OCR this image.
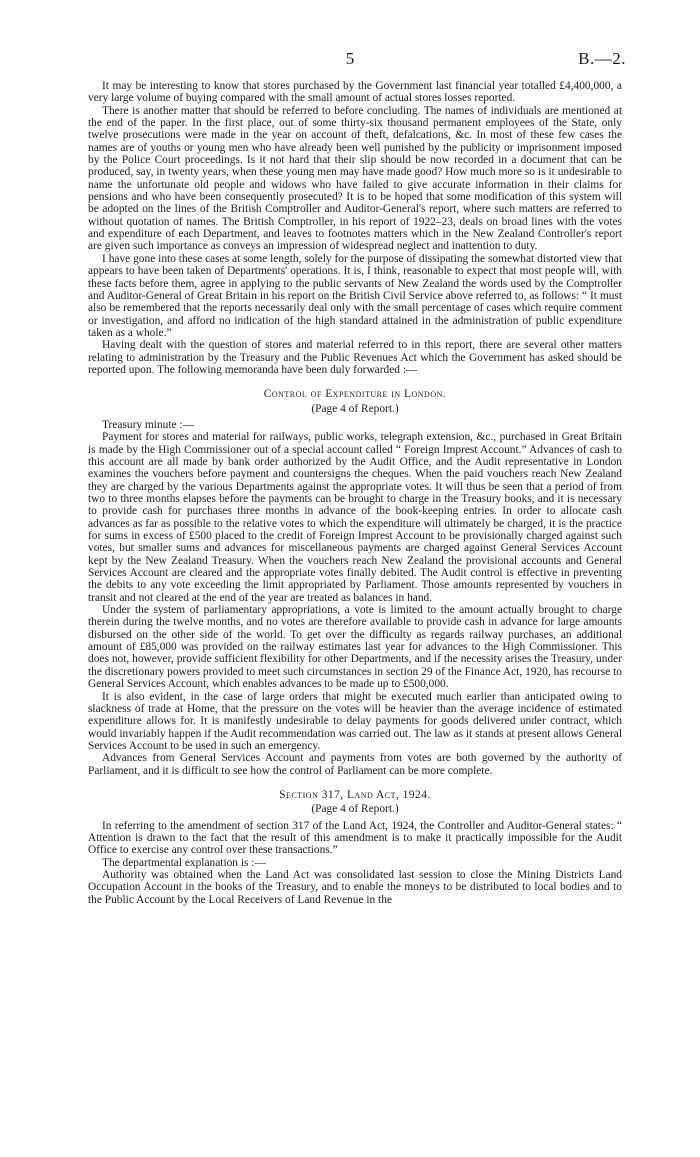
5	B.—2.

It may be interesting to know that stores purchased by the Government last financial year totalled £4,400,000, a very large volume of buying compared with the small amount of actual stores losses reported.

There is another matter that should be referred to before concluding. The names of individuals are mentioned at the end of the paper. In the first place, out of some thirty-six thousand permanent employees of the State, only twelve prosecutions were made in the year on account of theft, defalcations, &c. In most of these few cases the names are of youths or young men who have already been well punished by the publicity or imprisonment imposed by the Police Court proceedings. Is it not hard that their slip should be now recorded in a document that can be produced, say, in twenty years, when these young men may have made good? How much more so is it undesirable to name the unfortunate old people and widows who have failed to give accurate information in their claims for pensions and who have been consequently prosecuted? It is to be hoped that some modification of this system will be adopted on the lines of the British Comptroller and Auditor-General's report, where such matters are referred to without quotation of names. The British Comptroller, in his report of 1922–23, deals on broad lines with the votes and expenditure of each Department, and leaves to footnotes matters which in the New Zealand Controller's report are given such importance as conveys an impression of widespread neglect and inattention to duty.

I have gone into these cases at some length, solely for the purpose of dissipating the somewhat distorted view that appears to have been taken of Departments' operations. It is, I think, reasonable to expect that most people will, with these facts before them, agree in applying to the public servants of New Zealand the words used by the Comptroller and Auditor-General of Great Britain in his report on the British Civil Service above referred to, as follows: “ It must also be remembered that the reports necessarily deal only with the small percentage of cases which require comment or investigation, and afford no indication of the high standard attained in the administration of public expenditure taken as a whole.”

Having dealt with the question of stores and material referred to in this report, there are several other matters relating to administration by the Treasury and the Public Revenues Act which the Government has asked should be reported upon. The following memoranda have been duly forwarded :—

Control of Expenditure in London.
(Page 4 of Report.)

Treasury minute :—

Payment for stores and material for railways, public works, telegraph extension, &c., purchased in Great Britain is made by the High Commissioner out of a special account called “ Foreign Imprest Account.” Advances of cash to this account are all made by bank order authorized by the Audit Office, and the Audit representative in London examines the vouchers before payment and countersigns the cheques. When the paid vouchers reach New Zealand they are charged by the various Departments against the appropriate votes. It will thus be seen that a period of from two to three months elapses before the payments can be brought to charge in the Treasury books, and it is necessary to provide cash for purchases three months in advance of the book-keeping entries. In order to allocate cash advances as far as possible to the relative votes to which the expenditure will ultimately be charged, it is the practice for sums in excess of £500 placed to the credit of Foreign Imprest Account to be provisionally charged against such votes, but smaller sums and advances for miscellaneous payments are charged against General Services Account kept by the New Zealand Treasury. When the vouchers reach New Zealand the provisional accounts and General Services Account are cleared and the appropriate votes finally debited. The Audit control is effective in preventing the debits to any vote exceeding the limit appropriated by Parliament. Those amounts represented by vouchers in transit and not cleared at the end of the year are treated as balances in hand.

Under the system of parliamentary appropriations, a vote is limited to the amount actually brought to charge therein during the twelve months, and no votes are therefore available to provide cash in advance for large amounts disbursed on the other side of the world. To get over the difficulty as regards railway purchases, an additional amount of £85,000 was provided on the railway estimates last year for advances to the High Commissioner. This does not, however, provide sufficient flexibility for other Departments, and if the necessity arises the Treasury, under the discretionary powers provided to meet such circumstances in section 29 of the Finance Act, 1920, has recourse to General Services Account, which enables advances to be made up to £500,000.

It is also evident, in the case of large orders that might be executed much earlier than anticipated owing to slackness of trade at Home, that the pressure on the votes will be heavier than the average incidence of estimated expenditure allows for. It is manifestly undesirable to delay payments for goods delivered under contract, which would invariably happen if the Audit recommendation was carried out. The law as it stands at present allows General Services Account to be used in such an emergency.

Advances from General Services Account and payments from votes are both governed by the authority of Parliament, and it is difficult to see how the control of Parliament can be more complete.

Section 317, Land Act, 1924.
(Page 4 of Report.)

In referring to the amendment of section 317 of the Land Act, 1924, the Controller and Auditor-General states: “ Attention is drawn to the fact that the result of this amendment is to make it practically impossible for the Audit Office to exercise any control over these transactions.”

The departmental explanation is :—

Authority was obtained when the Land Act was consolidated last session to close the Mining Districts Land Occupation Account in the books of the Treasury, and to enable the moneys to be distributed to local bodies and to the Public Account by the Local Receivers of Land Revenue in the
